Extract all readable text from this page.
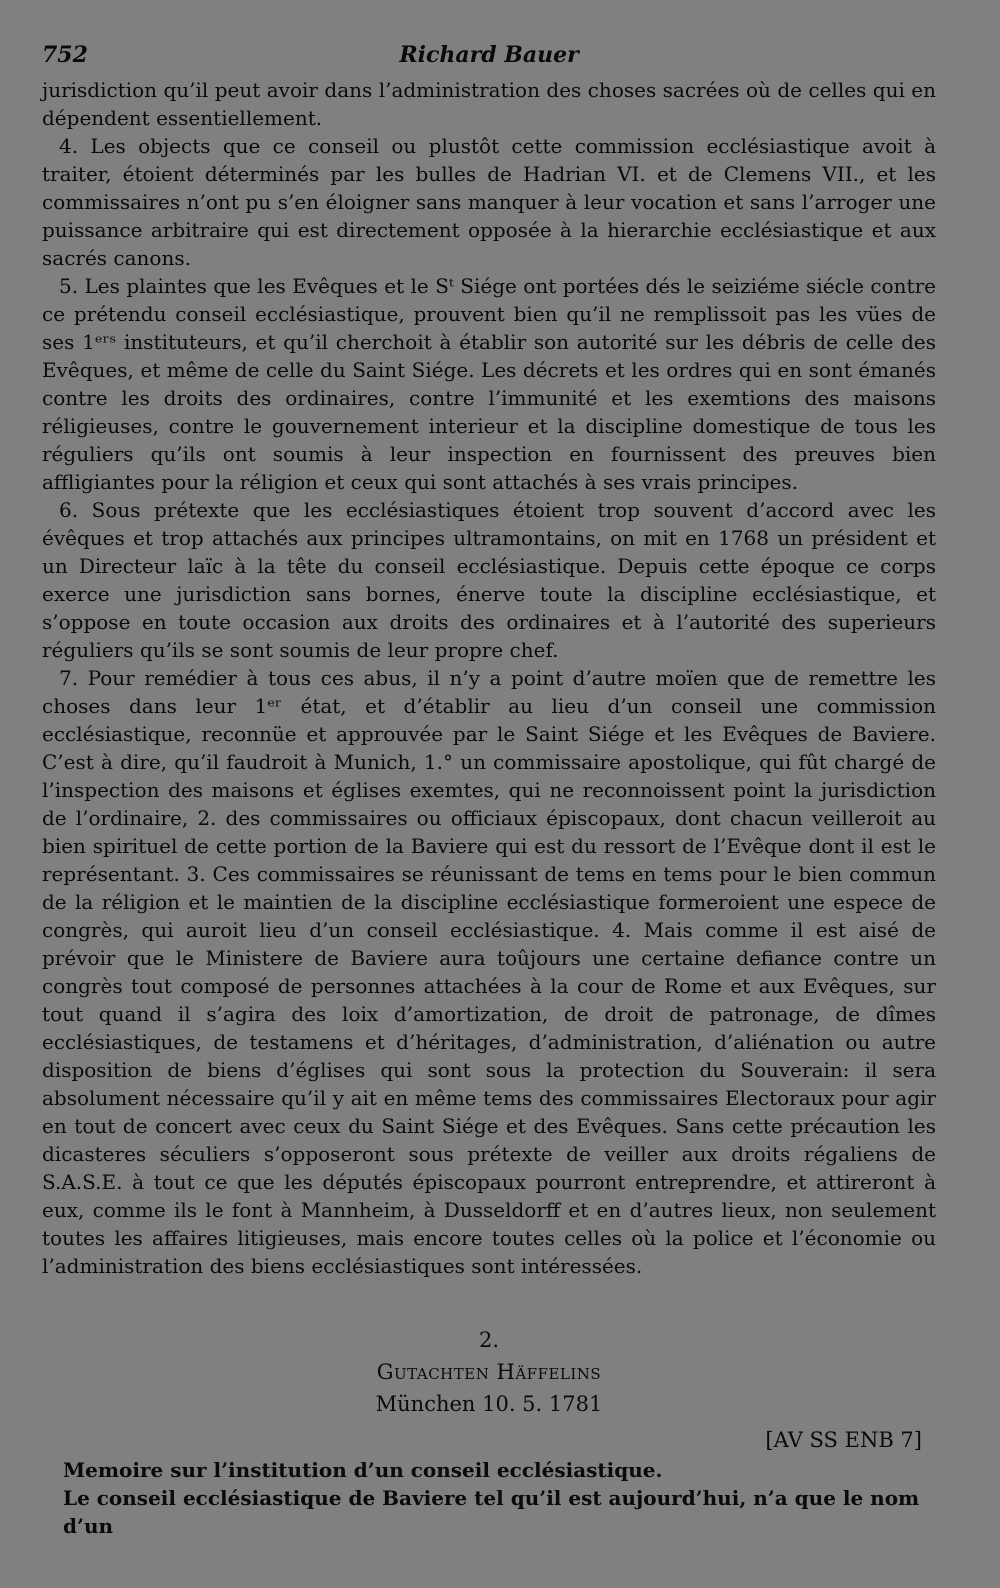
752	Richard Bauer

jurisdiction qu’il peut avoir dans l’administration des choses sacrées où de celles qui en dépendent essentiellement.

4. Les objects que ce conseil ou plustôt cette commission ecclésiastique avoit à traiter, étoient déterminés par les bulles de Hadrian VI. et de Clemens VII., et les commissaires n’ont pu s’en éloigner sans manquer à leur vocation et sans l’arroger une puissance arbitraire qui est directement opposée à la hierarchie ecclésiastique et aux sacrés canons.

5. Les plaintes que les Evêques et le Sᵗ Siége ont portées dés le seiziéme siécle contre ce prétendu conseil ecclésiastique, prouvent bien qu’il ne remplissoit pas les vües de ses 1ᵉʳˢ instituteurs, et qu’il cherchoit à établir son autorité sur les débris de celle des Evêques, et même de celle du Saint Siége. Les décrets et les ordres qui en sont émanés contre les droits des ordinaires, contre l’immunité et les exemtions des maisons réligieuses, contre le gouvernement interieur et la discipline domestique de tous les réguliers qu’ils ont soumis à leur inspection en fournissent des preuves bien affligiantes pour la réligion et ceux qui sont attachés à ses vrais principes.

6. Sous prétexte que les ecclésiastiques étoient trop souvent d’accord avec les évêques et trop attachés aux principes ultramontains, on mit en 1768 un président et un Directeur laïc à la tête du conseil ecclésiastique. Depuis cette époque ce corps exerce une jurisdiction sans bornes, énerve toute la discipline ecclésiastique, et s’oppose en toute occasion aux droits des ordinaires et à l’autorité des superieurs réguliers qu’ils se sont soumis de leur propre chef.

7. Pour remédier à tous ces abus, il n’y a point d’autre moïen que de remettre les choses dans leur 1ᵉʳ état, et d’établir au lieu d’un conseil une commission ecclésiastique, reconnüe et approuvée par le Saint Siége et les Evêques de Baviere. C’est à dire, qu’il faudroit à Munich, 1.° un commissaire apostolique, qui fût chargé de l’inspection des maisons et églises exemtes, qui ne reconnoissent point la jurisdiction de l’ordinaire, 2. des commissaires ou officiaux épiscopaux, dont chacun veilleroit au bien spirituel de cette portion de la Baviere qui est du ressort de l’Evêque dont il est le représentant. 3. Ces commissaires se réunissant de tems en tems pour le bien commun de la réligion et le maintien de la discipline ecclésiastique formeroient une espece de congrès, qui auroit lieu d’un conseil ecclésiastique. 4. Mais comme il est aisé de prévoir que le Ministere de Baviere aura toûjours une certaine defiance contre un congrès tout composé de personnes attachées à la cour de Rome et aux Evêques, sur tout quand il s’agira des loix d’amortization, de droit de patronage, de dîmes ecclésiastiques, de testamens et d’héritages, d’administration, d’aliénation ou autre disposition de biens d’églises qui sont sous la protection du Souverain: il sera absolument nécessaire qu’il y ait en même tems des commissaires Electoraux pour agir en tout de concert avec ceux du Saint Siége et des Evêques. Sans cette précaution les dicasteres séculiers s’opposeront sous prétexte de veiller aux droits régaliens de S.A.S.E. à tout ce que les députés épiscopaux pourront entreprendre, et attireront à eux, comme ils le font à Mannheim, à Dusseldorff et en d’autres lieux, non seulement toutes les affaires litigieuses, mais encore toutes celles où la police et l’économie ou l’administration des biens ecclésiastiques sont intéressées.

2.
Gutachten Häffelins
München 10. 5. 1781
[AV SS ENB 7]

Memoire sur l’institution d’un conseil ecclésiastique.

Le conseil ecclésiastique de Baviere tel qu’il est aujourd’hui, n’a que le nom d’un
